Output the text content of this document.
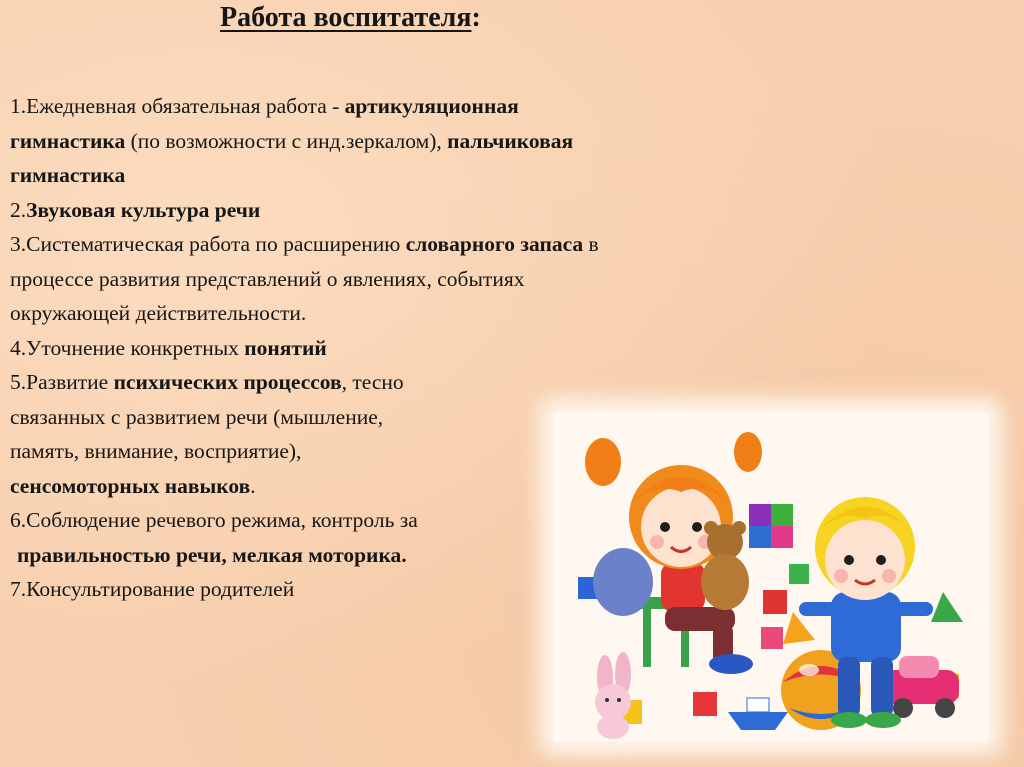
Работа воспитателя:
1.Ежедневная обязательная работа - артикуляционная
гимнастика (по возможности с инд.зеркалом), пальчиковая
гимнастика
2.Звуковая культура речи
3.Систематическая работа по расширению словарного запаса в
процессе развития представлений о явлениях, событиях
окружающей действительности.
4.Уточнение конкретных понятий
5.Развитие психических процессов, тесно
связанных с развитием речи (мышление,
память, внимание, восприятие),
сенсомоторных навыков.
6.Соблюдение речевого режима, контроль за
правильностью речи, мелкая моторика.
7.Консультирование родителей
